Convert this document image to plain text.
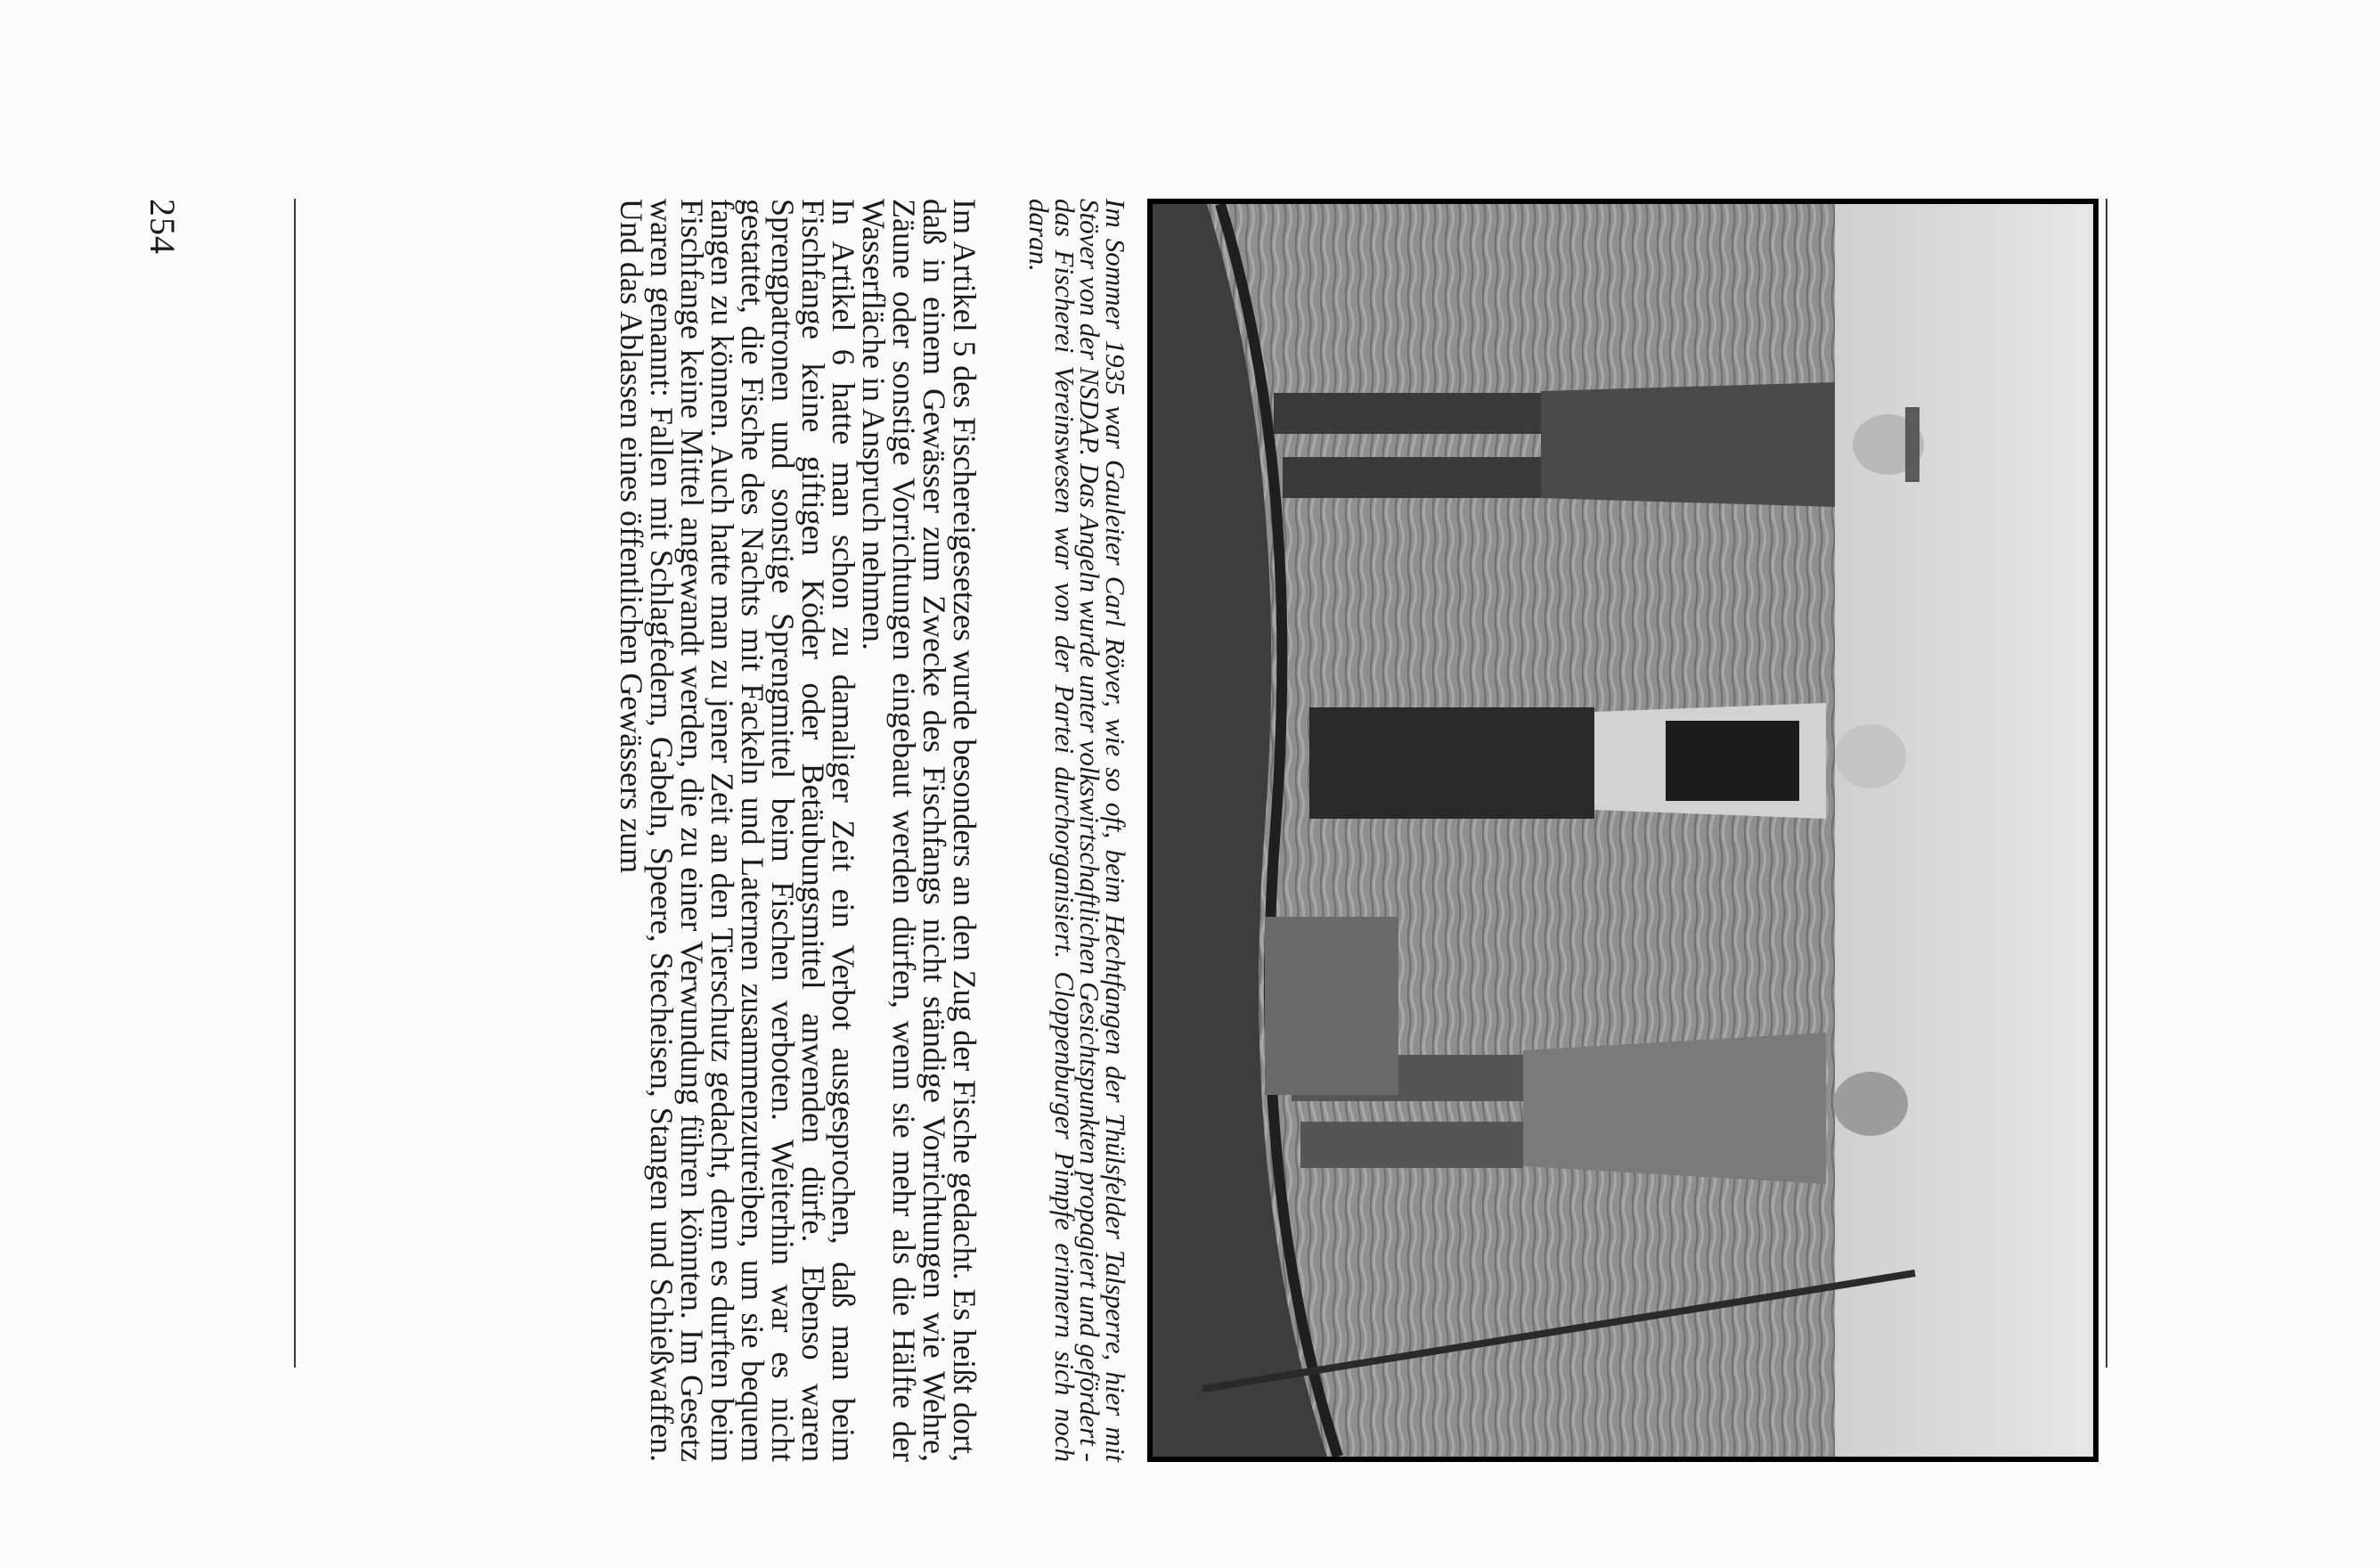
Im Sommer 1935 war Gauleiter Carl Röver, wie so oft, beim Hechtfangen der Thülsfelder Talsperre, hier mit Stöver von der NSDAP. Das Angeln wurde unter volkswirtschaftlichen Gesichtspunkten propagiert und gefördert - das Fischerei Vereinswesen war von der Partei durchorganisiert. Cloppenburger Pimpfe erinnern sich noch daran.

Im Artikel 5 des Fischereigesetzes wurde besonders an den Zug der Fische gedacht. Es heißt dort, daß in einem Gewässer zum Zwecke des Fischfangs nicht ständige Vorrichtungen wie Wehre, Zäune oder sonstige Vorrichtungen eingebaut werden dürfen, wenn sie mehr als die Hälfte der Wasserfläche in Anspruch nehmen.

In Artikel 6 hatte man schon zu damaliger Zeit ein Verbot ausgesprochen, daß man beim Fischfange keine giftigen Köder oder Betäubungsmittel anwenden dürfe. Ebenso waren Sprengpatronen und sonstige Sprengmittel beim Fischen verboten. Weiterhin war es nicht gestattet, die Fische des Nachts mit Fackeln und Laternen zusammenzutreiben, um sie bequem fangen zu können. Auch hatte man zu jener Zeit an den Tierschutz gedacht, denn es durften beim Fischfange keine Mittel angewandt werden, die zu einer Verwundung führen könnten. Im Gesetz waren genannt: Fallen mit Schlagfedern, Gabeln, Speere, Stecheisen, Stangen und Schießwaffen. Und das Ablassen eines öffentlichen Gewässers zum

254
